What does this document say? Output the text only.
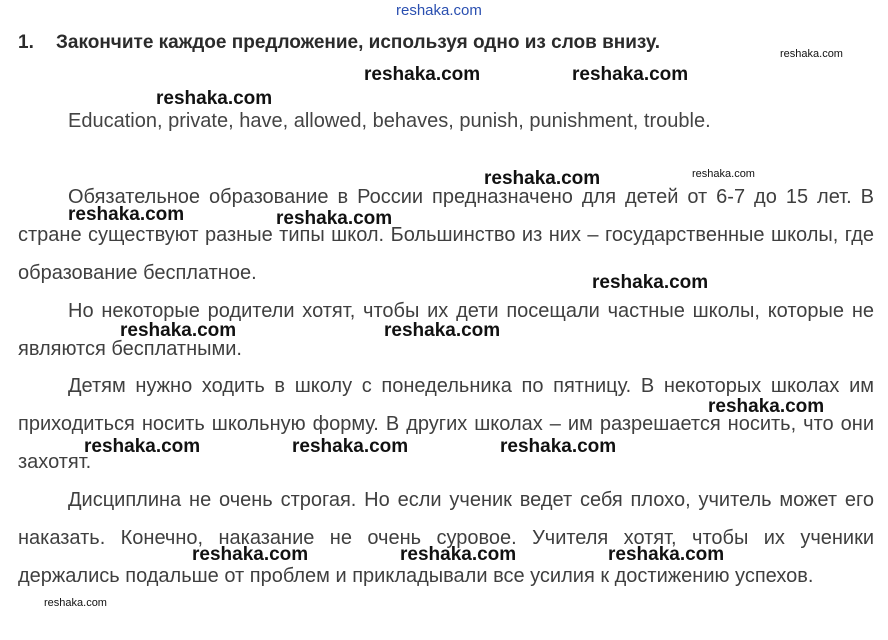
reshaka.com
1. Закончите каждое предложение, используя одно из слов внизу.
Education, private, have, allowed, behaves, punish, punishment, trouble.

Обязательное образование в России предназначено для детей от 6-7 до 15 лет. В стране существуют разные типы школ. Большинство из них – государственные школы, где образование бесплатное.

Но некоторые родители хотят, чтобы их дети посещали частные школы, которые не являются бесплатными.

Детям нужно ходить в школу с понедельника по пятницу. В некоторых школах им приходиться носить школьную форму. В других школах – им разрешается носить, что они захотят.

Дисциплина не очень строгая. Но если ученик ведет себя плохо, учитель может его наказать. Конечно, наказание не очень суровое. Учителя хотят, чтобы их ученики держались подальше от проблем и прикладывали все усилия к достижению успехов.

reshaka.com
reshaka.com	reshaka.com
reshaka.com
reshaka.com
reshaka.com
reshaka.com	reshaka.com
reshaka.com
reshaka.com	reshaka.com
reshaka.com
reshaka.com	reshaka.com	reshaka.com
reshaka.com	reshaka.com	reshaka.com
reshaka.com
